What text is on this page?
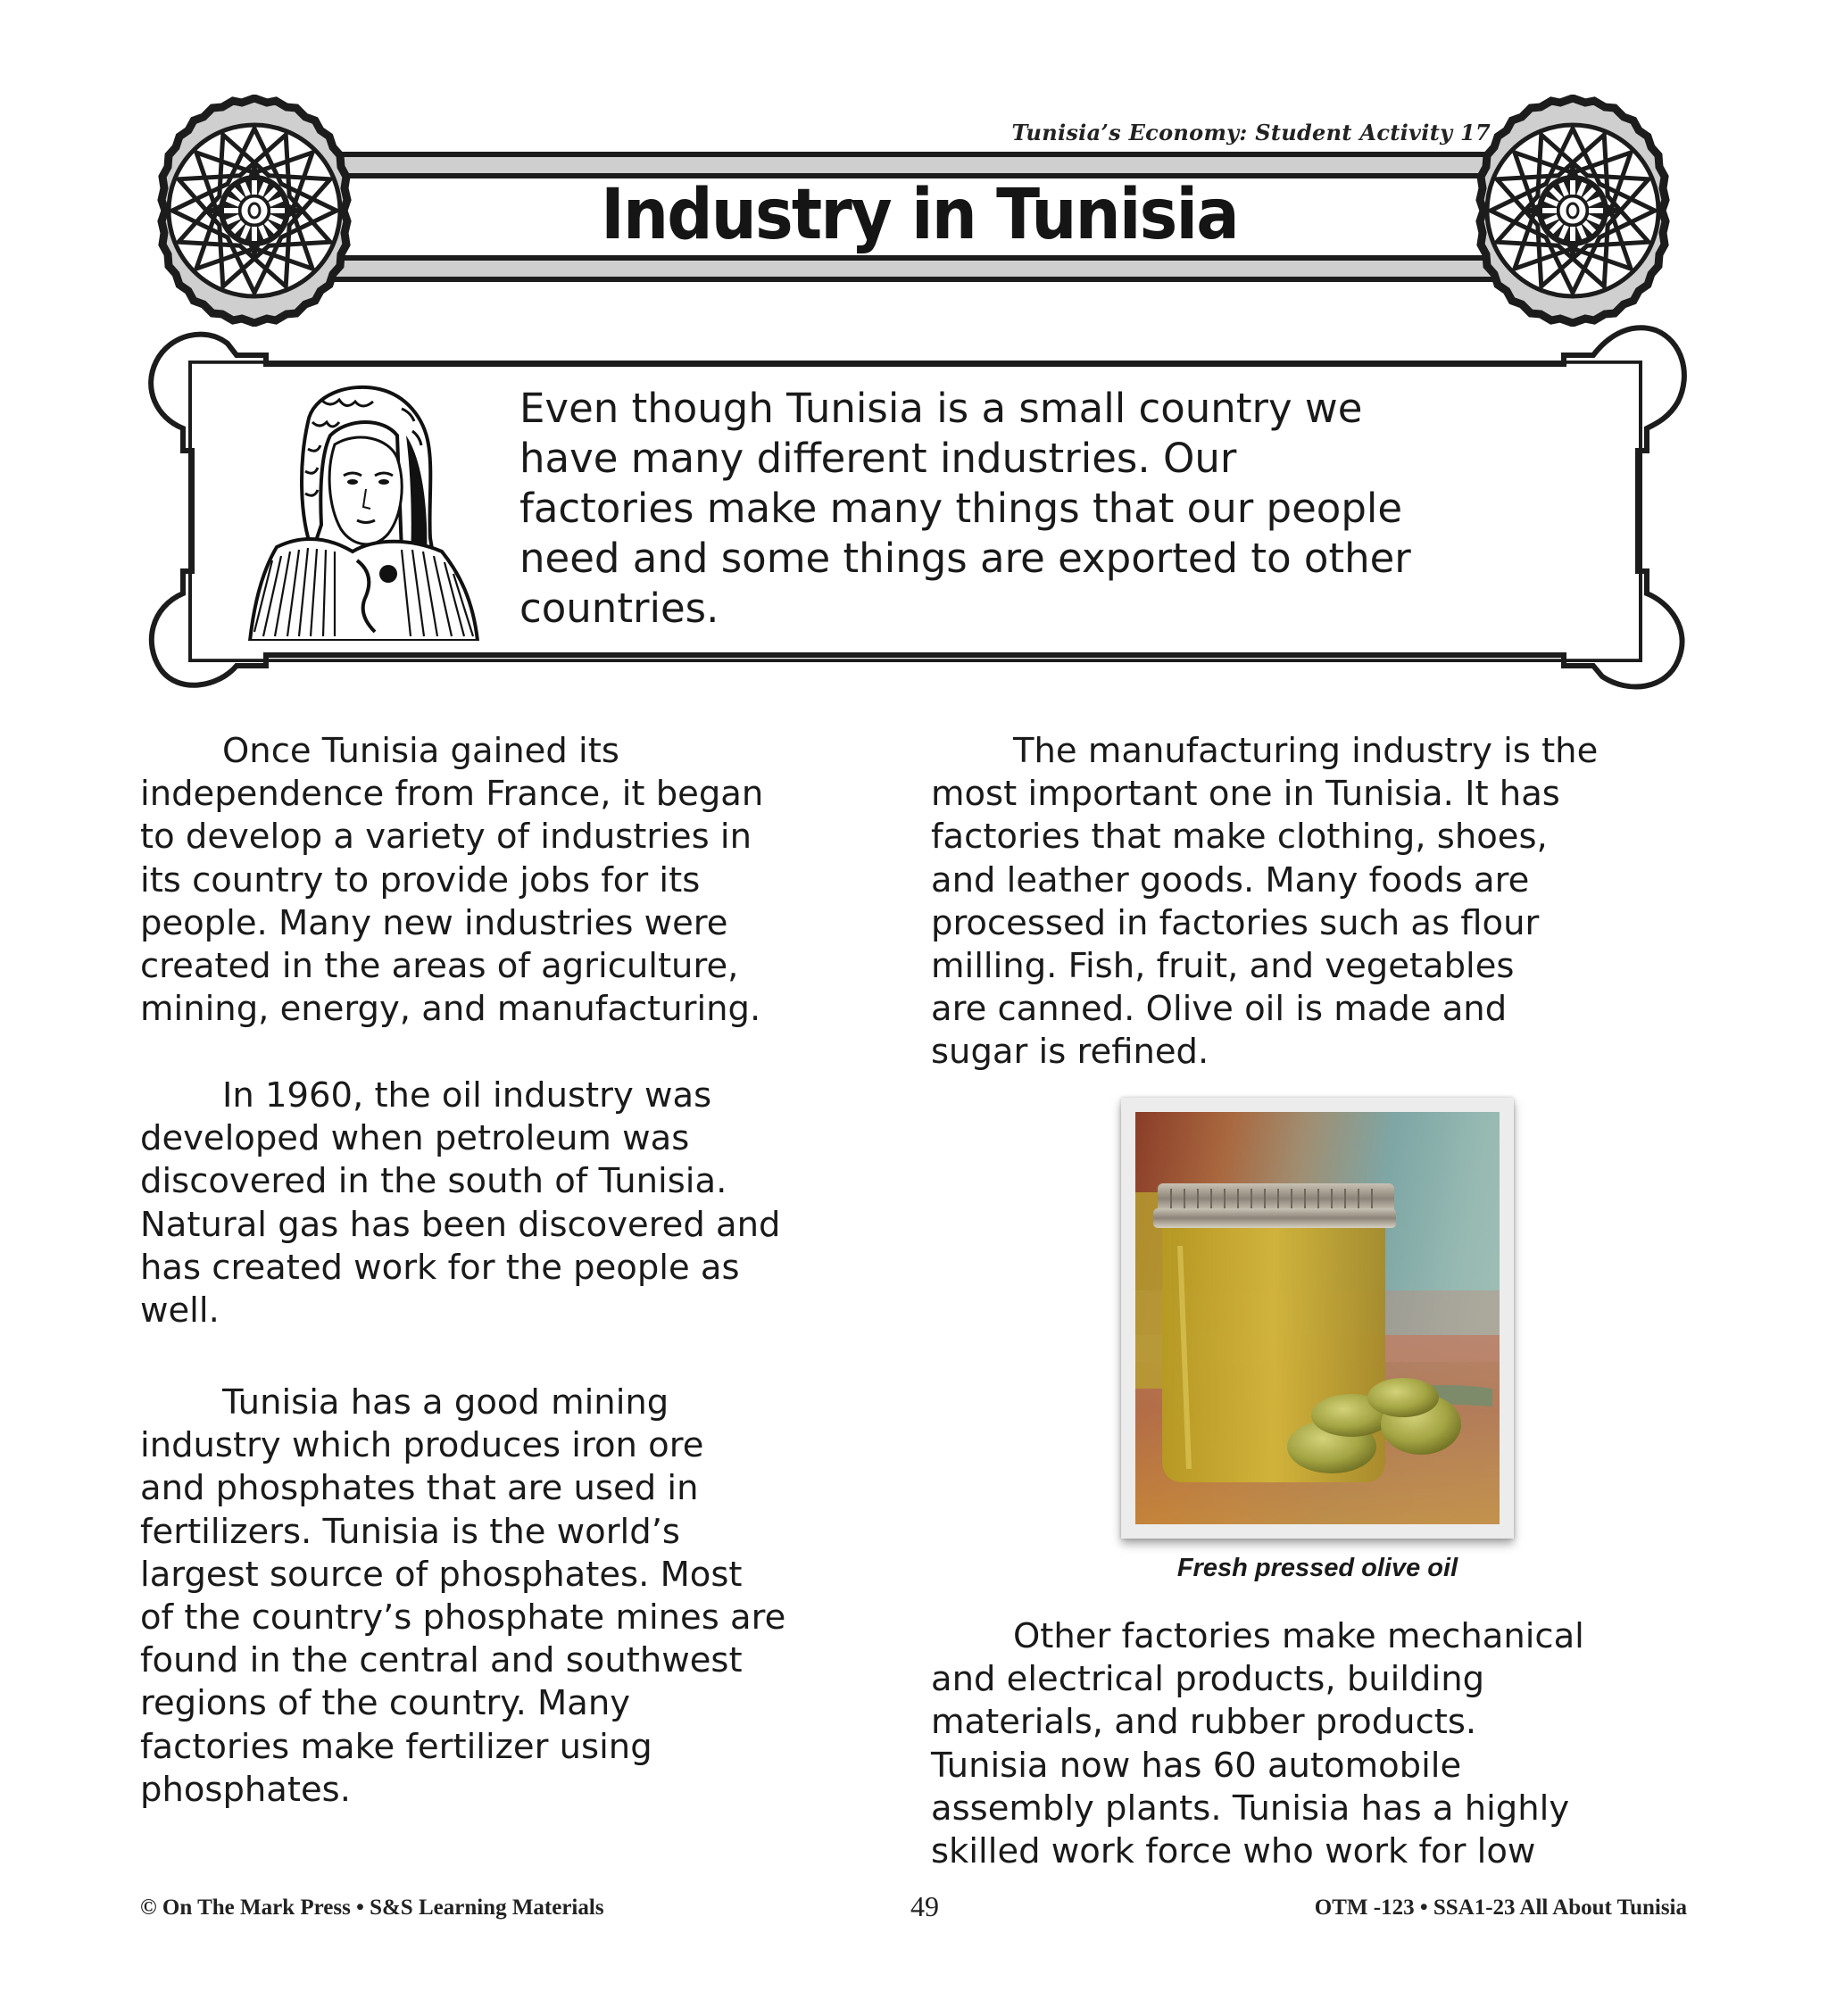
Tunisia’s Economy: Student Activity 17
Industry in Tunisia
Even though Tunisia is a small country we
have many different industries. Our
factories make many things that our people
need and some things are exported to other
countries.
Once Tunisia gained its
independence from France, it began
to develop a variety of industries in
its country to provide jobs for its
people. Many new industries were
created in the areas of agriculture,
mining, energy, and manufacturing.
In 1960, the oil industry was
developed when petroleum was
discovered in the south of Tunisia.
Natural gas has been discovered and
has created work for the people as
well.
Tunisia has a good mining
industry which produces iron ore
and phosphates that are used in
fertilizers. Tunisia is the world’s
largest source of phosphates. Most
of the country’s phosphate mines are
found in the central and southwest
regions of the country. Many
factories make fertilizer using
phosphates.
The manufacturing industry is the
most important one in Tunisia. It has
factories that make clothing, shoes,
and leather goods. Many foods are
processed in factories such as flour
milling. Fish, fruit, and vegetables
are canned. Olive oil is made and
sugar is refined.
Other factories make mechanical
and electrical products, building
materials, and rubber products.
Tunisia now has 60 automobile
assembly plants. Tunisia has a highly
skilled work force who work for low
Fresh pressed olive oil
© On The Mark Press • S&S Learning Materials	49	OTM -123 • SSA1-23 All About Tunisia
